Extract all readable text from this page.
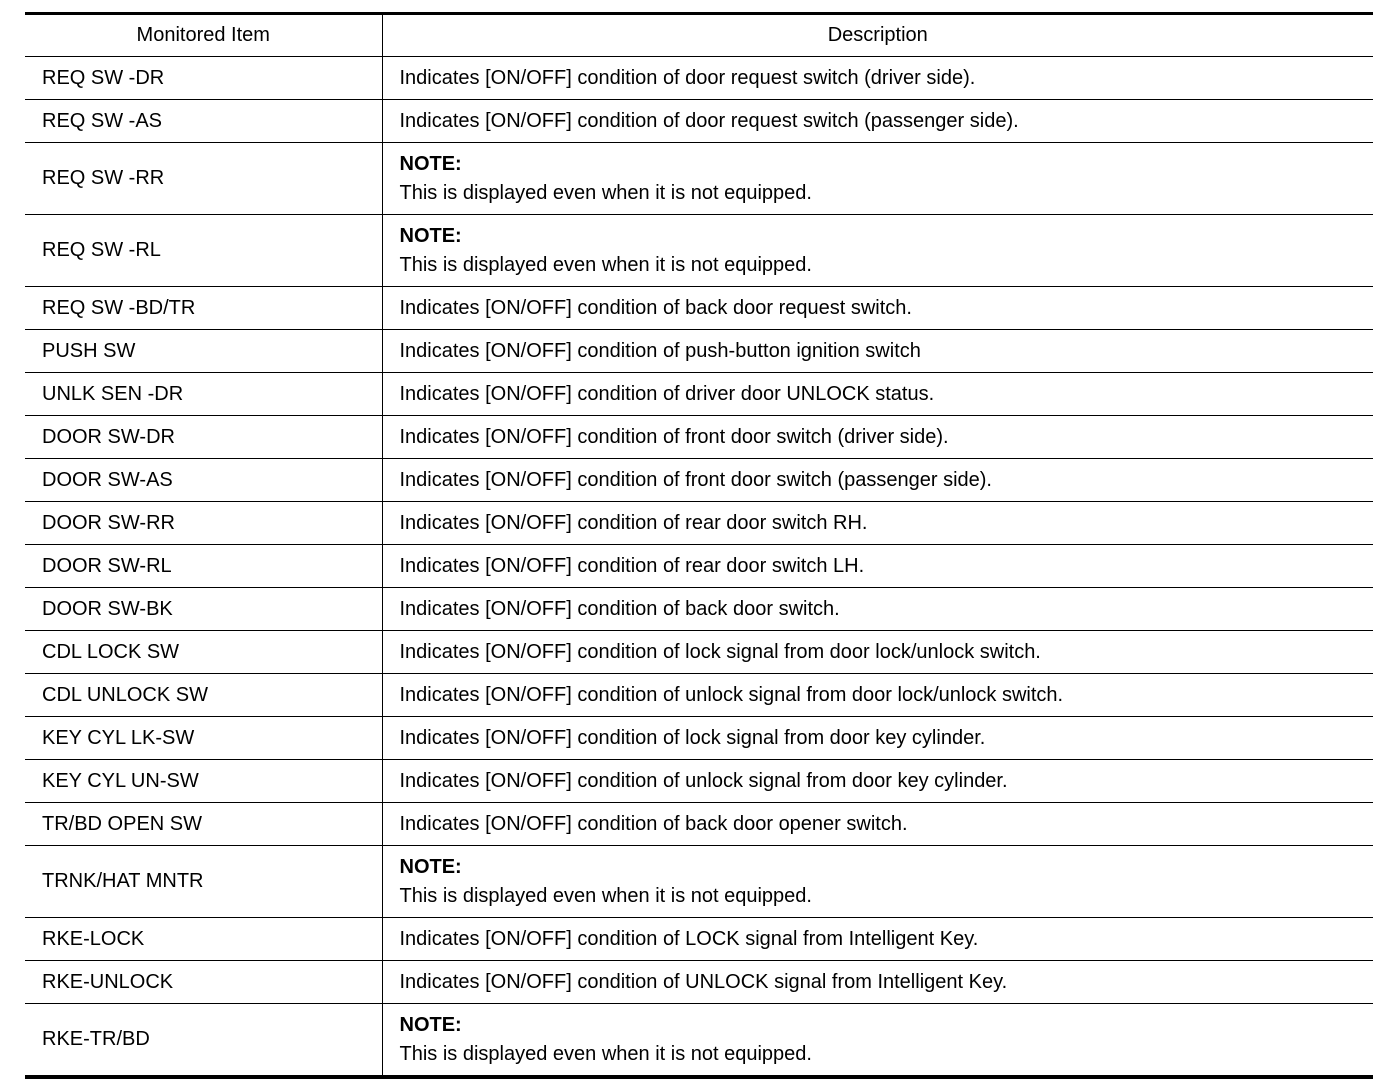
Monitored Item	Description
REQ SW -DR	Indicates [ON/OFF] condition of door request switch (driver side).
REQ SW -AS	Indicates [ON/OFF] condition of door request switch (passenger side).
REQ SW -RR	NOTE:
This is displayed even when it is not equipped.

REQ SW -RL	NOTE:
This is displayed even when it is not equipped.

REQ SW -BD/TR	Indicates [ON/OFF] condition of back door request switch.
PUSH SW	Indicates [ON/OFF] condition of push-button ignition switch
UNLK SEN -DR	Indicates [ON/OFF] condition of driver door UNLOCK status.
DOOR SW-DR	Indicates [ON/OFF] condition of front door switch (driver side).
DOOR SW-AS	Indicates [ON/OFF] condition of front door switch (passenger side).
DOOR SW-RR	Indicates [ON/OFF] condition of rear door switch RH.
DOOR SW-RL	Indicates [ON/OFF] condition of rear door switch LH.
DOOR SW-BK	Indicates [ON/OFF] condition of back door switch.
CDL LOCK SW	Indicates [ON/OFF] condition of lock signal from door lock/unlock switch.
CDL UNLOCK SW	Indicates [ON/OFF] condition of unlock signal from door lock/unlock switch.
KEY CYL LK-SW	Indicates [ON/OFF] condition of lock signal from door key cylinder.
KEY CYL UN-SW	Indicates [ON/OFF] condition of unlock signal from door key cylinder.
TR/BD OPEN SW	Indicates [ON/OFF] condition of back door opener switch.
TRNK/HAT MNTR	NOTE:
This is displayed even when it is not equipped.

RKE-LOCK	Indicates [ON/OFF] condition of LOCK signal from Intelligent Key.
RKE-UNLOCK	Indicates [ON/OFF] condition of UNLOCK signal from Intelligent Key.
RKE-TR/BD	NOTE:
This is displayed even when it is not equipped.
